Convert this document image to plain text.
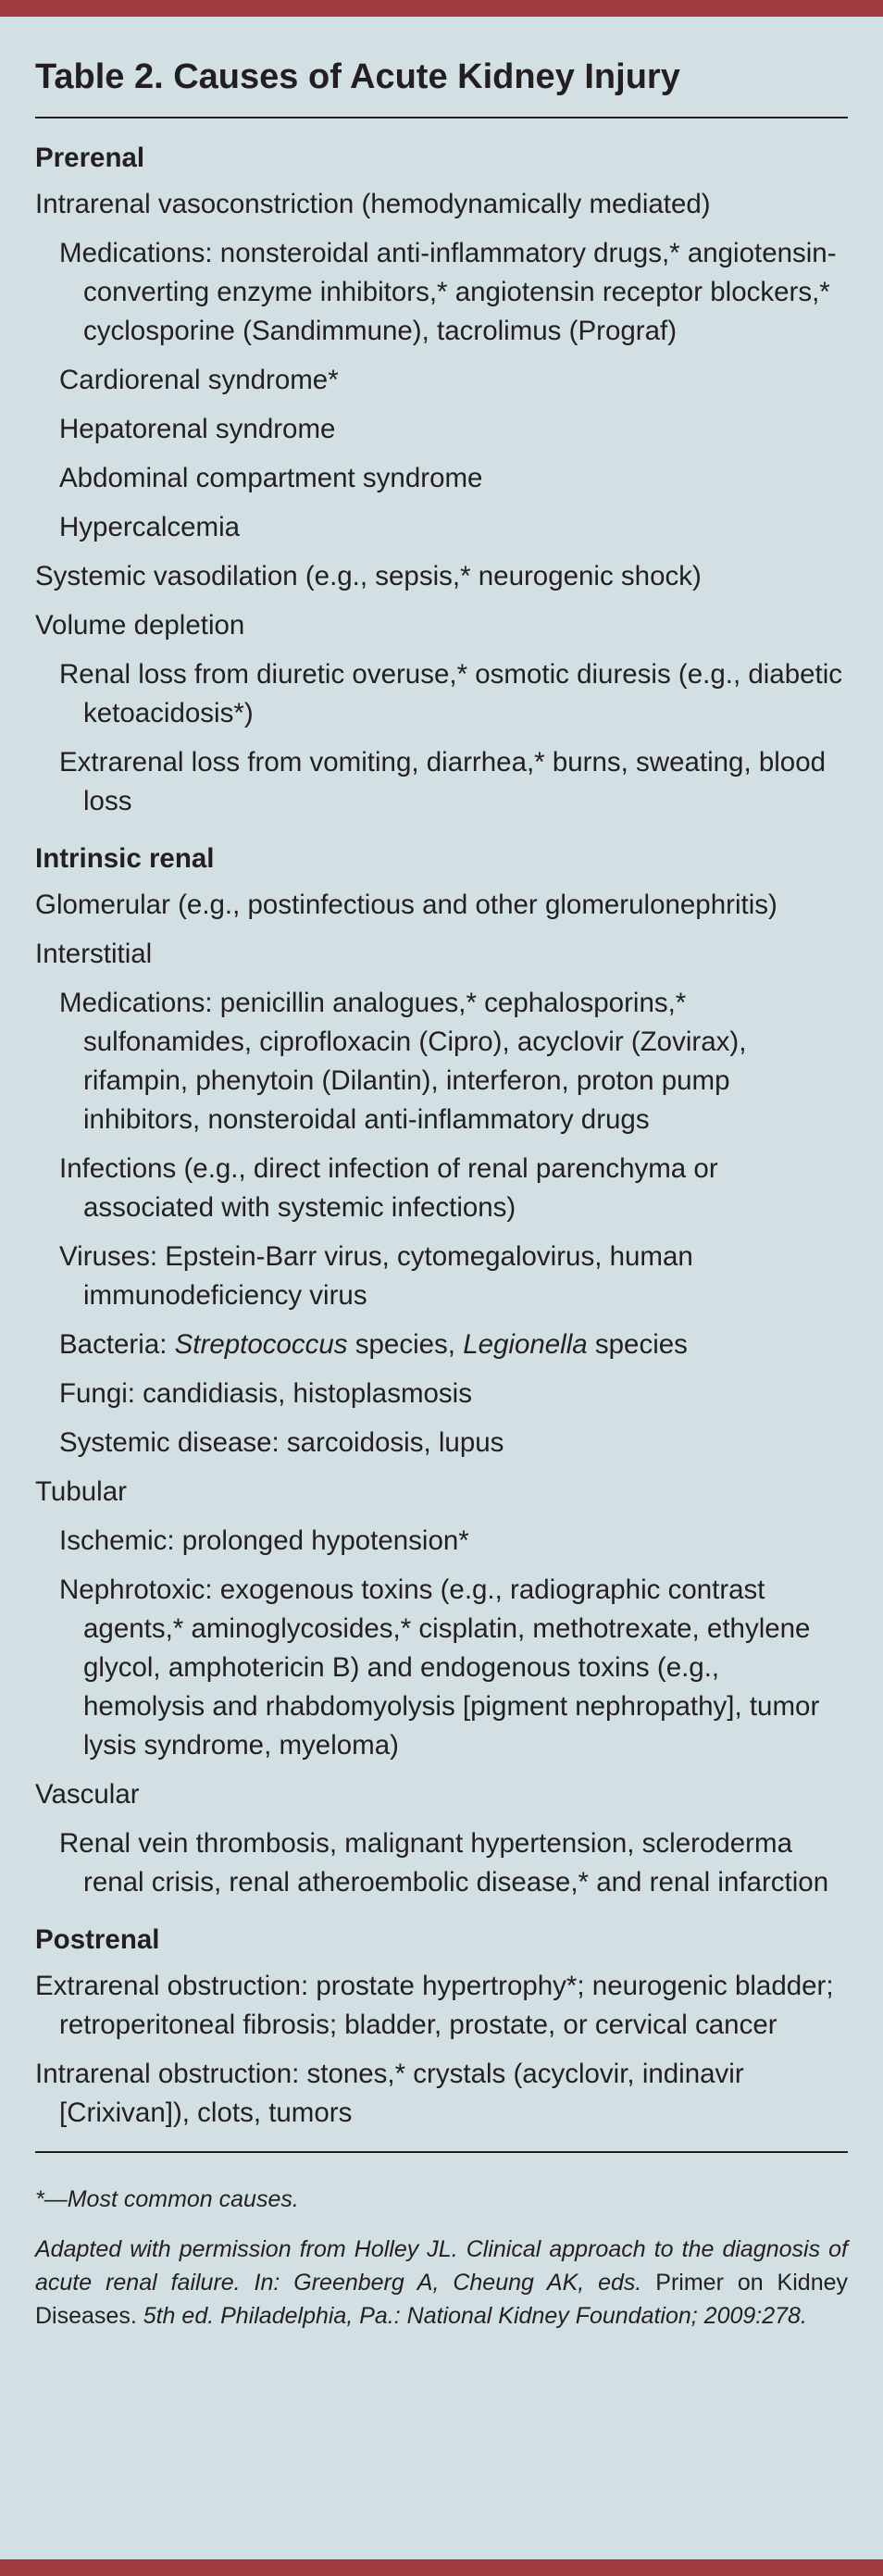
Table 2. Causes of Acute Kidney Injury
Prerenal
Intrarenal vasoconstriction (hemodynamically mediated)
Medications: nonsteroidal anti-inflammatory drugs,* angiotensin-converting enzyme inhibitors,* angiotensin receptor blockers,* cyclosporine (Sandimmune), tacrolimus (Prograf)
Cardiorenal syndrome*
Hepatorenal syndrome
Abdominal compartment syndrome
Hypercalcemia
Systemic vasodilation (e.g., sepsis,* neurogenic shock)
Volume depletion
Renal loss from diuretic overuse,* osmotic diuresis (e.g., diabetic ketoacidosis*)
Extrarenal loss from vomiting, diarrhea,* burns, sweating, blood loss
Intrinsic renal
Glomerular (e.g., postinfectious and other glomerulonephritis)
Interstitial
Medications: penicillin analogues,* cephalosporins,* sulfonamides, ciprofloxacin (Cipro), acyclovir (Zovirax), rifampin, phenytoin (Dilantin), interferon, proton pump inhibitors, nonsteroidal anti-inflammatory drugs
Infections (e.g., direct infection of renal parenchyma or associated with systemic infections)
Viruses: Epstein-Barr virus, cytomegalovirus, human immunodeficiency virus
Bacteria: Streptococcus species, Legionella species
Fungi: candidiasis, histoplasmosis
Systemic disease: sarcoidosis, lupus
Tubular
Ischemic: prolonged hypotension*
Nephrotoxic: exogenous toxins (e.g., radiographic contrast agents,* aminoglycosides,* cisplatin, methotrexate, ethylene glycol, amphotericin B) and endogenous toxins (e.g., hemolysis and rhabdomyolysis [pigment nephropathy], tumor lysis syndrome, myeloma)
Vascular
Renal vein thrombosis, malignant hypertension, scleroderma renal crisis, renal atheroembolic disease,* and renal infarction
Postrenal
Extrarenal obstruction: prostate hypertrophy*; neurogenic bladder; retroperitoneal fibrosis; bladder, prostate, or cervical cancer
Intrarenal obstruction: stones,* crystals (acyclovir, indinavir [Crixivan]), clots, tumors

*—Most common causes.

Adapted with permission from Holley JL. Clinical approach to the diagnosis of acute renal failure. In: Greenberg A, Cheung AK, eds. Primer on Kidney Diseases. 5th ed. Philadelphia, Pa.: National Kidney Foundation; 2009:278.
